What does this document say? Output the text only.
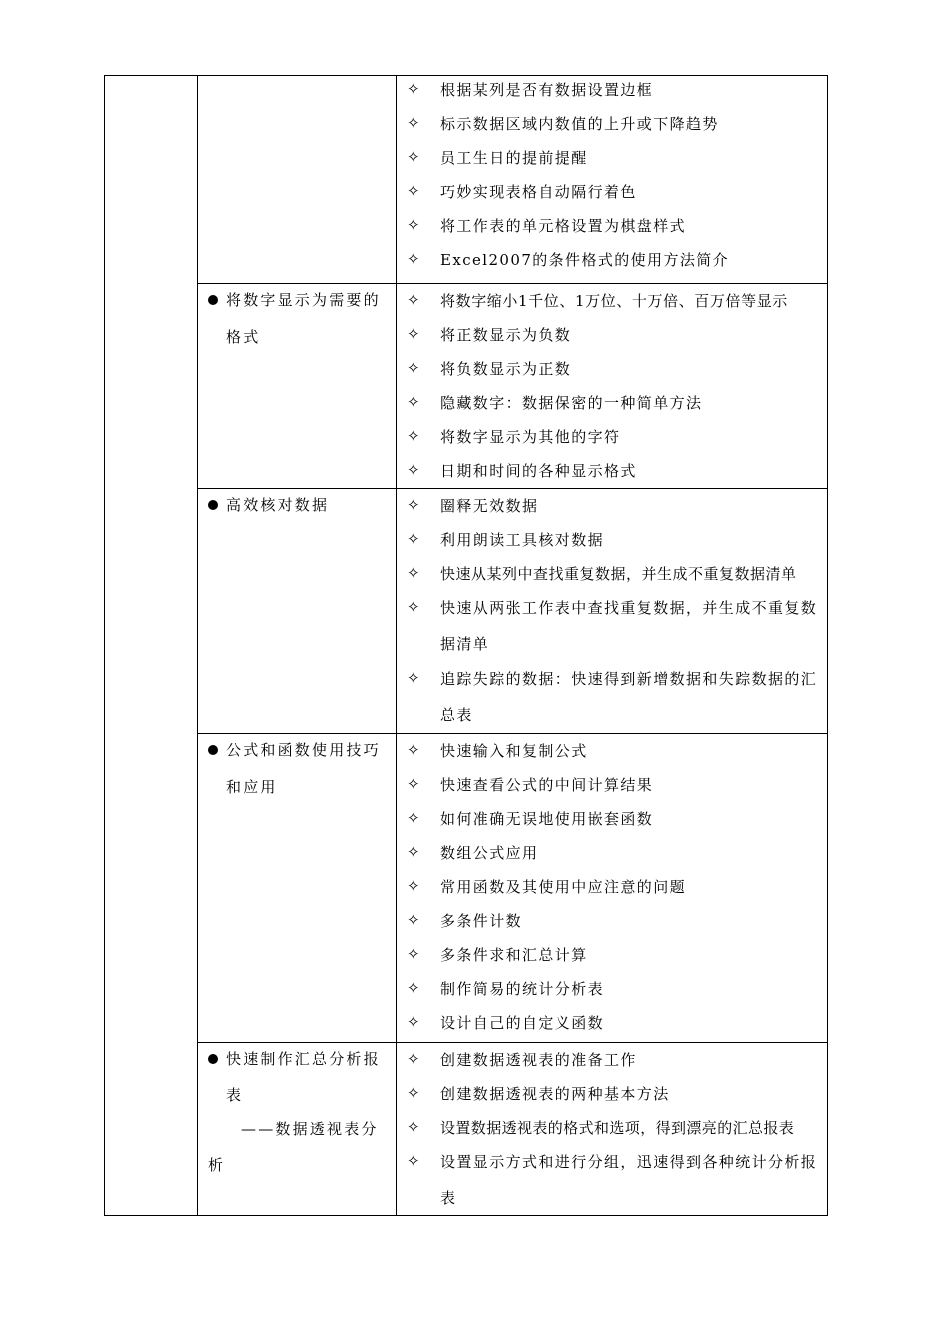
✧ 根据某列是否有数据设置边框
✧ 标示数据区域内数值的上升或下降趋势
✧ 员工生日的提前提醒
✧ 巧妙实现表格自动隔行着色
✧ 将工作表的单元格设置为棋盘样式
✧ Excel2007的条件格式的使用方法简介
将数字显示为需要的
格式
✧ 将数字缩小1千位、1万位、十万倍、百万倍等显示
✧ 将正数显示为负数
✧ 将负数显示为正数
✧ 隐藏数字：数据保密的一种简单方法
✧ 将数字显示为其他的字符
✧ 日期和时间的各种显示格式
高效核对数据	✧ 圈释无效数据
✧ 利用朗读工具核对数据
✧ 快速从某列中查找重复数据，并生成不重复数据清单
✧ 快速从两张工作表中查找重复数据，并生成不重复数据清单
✧ 追踪失踪的数据：快速得到新增数据和失踪数据的汇总表
公式和函数使用技巧
和应用
✧ 快速输入和复制公式
✧ 快速查看公式的中间计算结果
✧ 如何准确无误地使用嵌套函数
✧ 数组公式应用
✧ 常用函数及其使用中应注意的问题
✧ 多条件计数
✧ 多条件求和汇总计算
✧ 制作简易的统计分析表
✧ 设计自己的自定义函数
快速制作汇总分析报
表
——数据透视表分
析
✧ 创建数据透视表的准备工作
✧ 创建数据透视表的两种基本方法
✧ 设置数据透视表的格式和选项，得到漂亮的汇总报表
✧ 设置显示方式和进行分组，迅速得到各种统计分析报表
